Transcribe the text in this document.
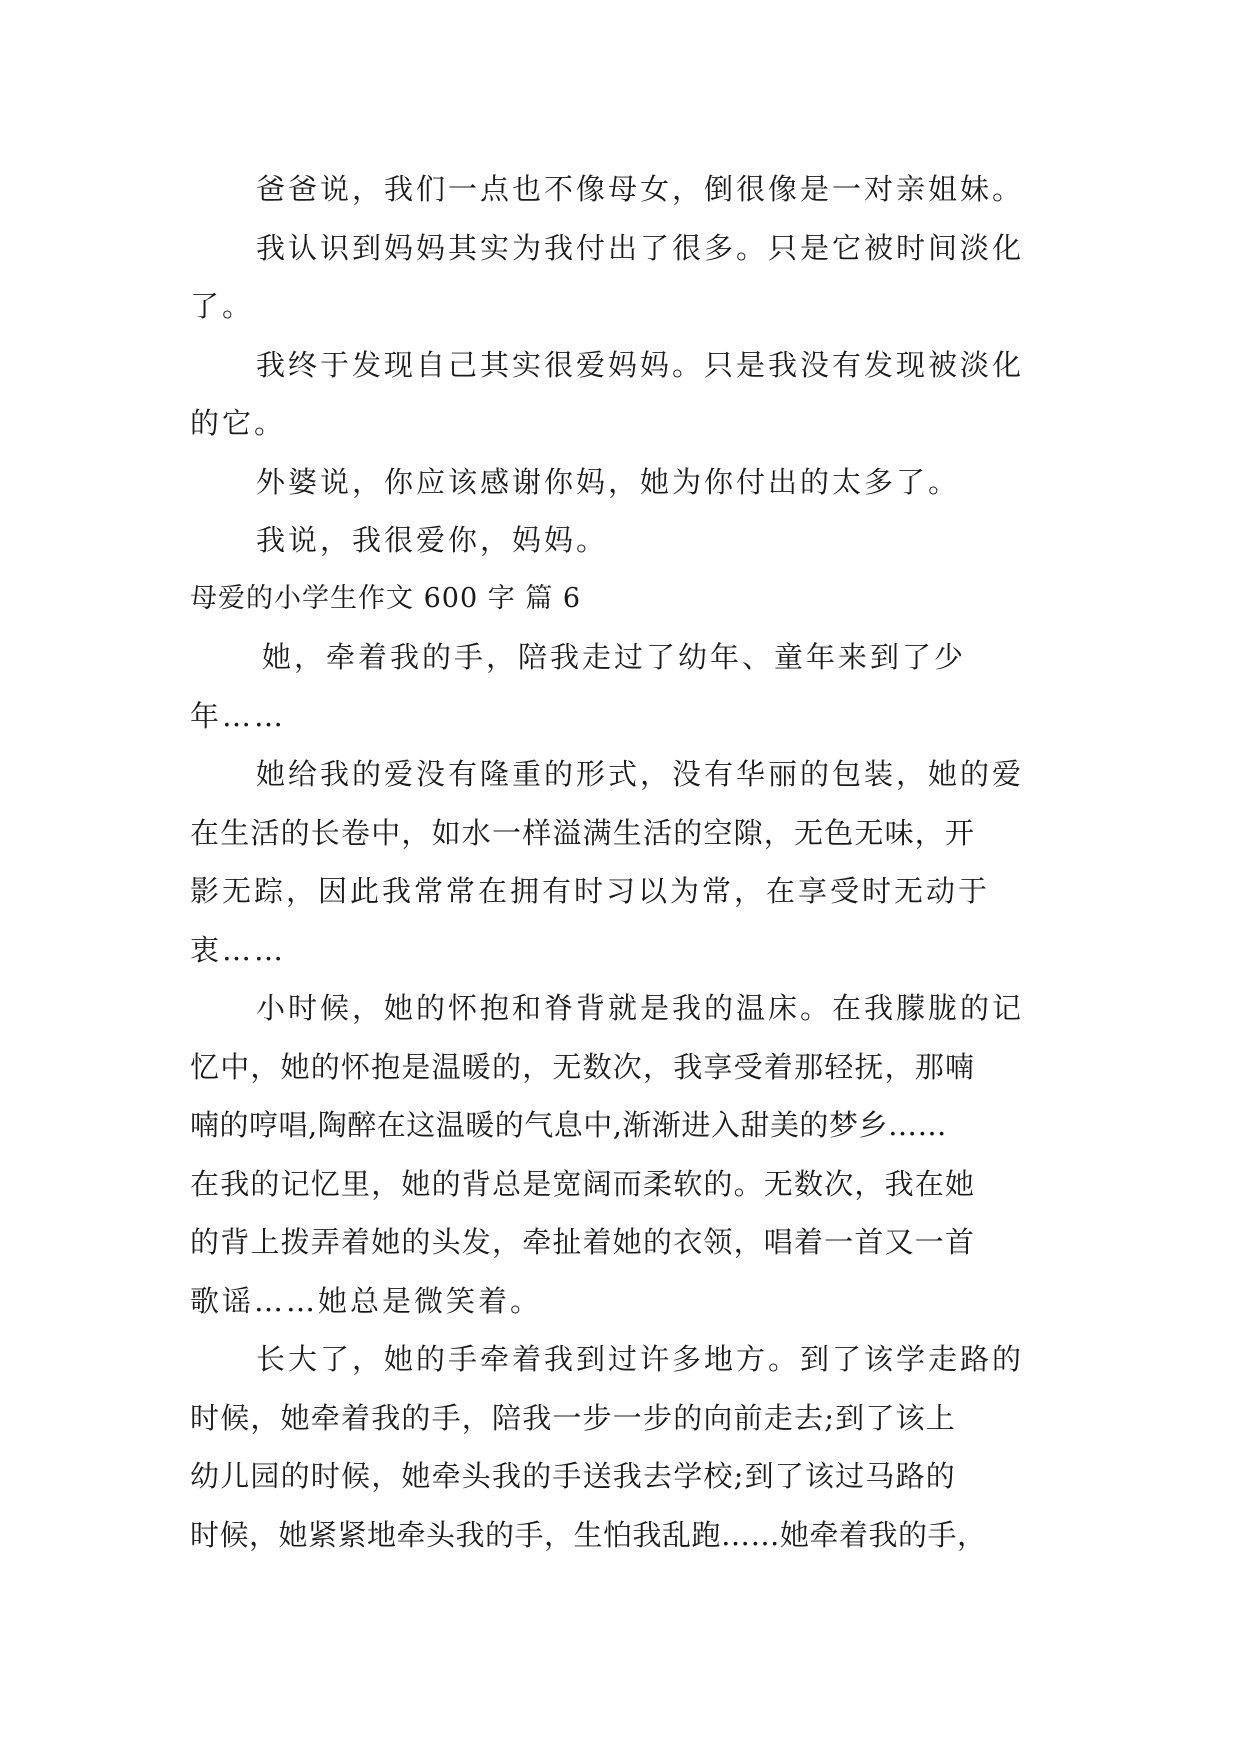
爸爸说，我们一点也不像母女，倒很像是一对亲姐妹。
我认识到妈妈其实为我付出了很多。只是它被时间淡化
了。
我终于发现自己其实很爱妈妈。只是我没有发现被淡化
的它。
外婆说，你应该感谢你妈，她为你付出的太多了。
我说，我很爱你，妈妈。
母爱的小学生作文 600 字 篇 6
她，牵着我的手，陪我走过了幼年、童年来到了少
年……
她给我的爱没有隆重的形式，没有华丽的包装，她的爱
在生活的长卷中，如水一样溢满生活的空隙，无色无味，开
影无踪，因此我常常在拥有时习以为常，在享受时无动于
衷……
小时候，她的怀抱和脊背就是我的温床。在我朦胧的记
忆中，她的怀抱是温暖的，无数次，我享受着那轻抚，那喃
喃的哼唱,陶醉在这温暖的气息中,渐渐进入甜美的梦乡……
在我的记忆里，她的背总是宽阔而柔软的。无数次，我在她
的背上拨弄着她的头发，牵扯着她的衣领，唱着一首又一首
歌谣……她总是微笑着。
长大了，她的手牵着我到过许多地方。到了该学走路的
时候，她牵着我的手，陪我一步一步的向前走去;到了该上
幼儿园的时候，她牵头我的手送我去学校;到了该过马路的
时候，她紧紧地牵头我的手，生怕我乱跑……她牵着我的手，
